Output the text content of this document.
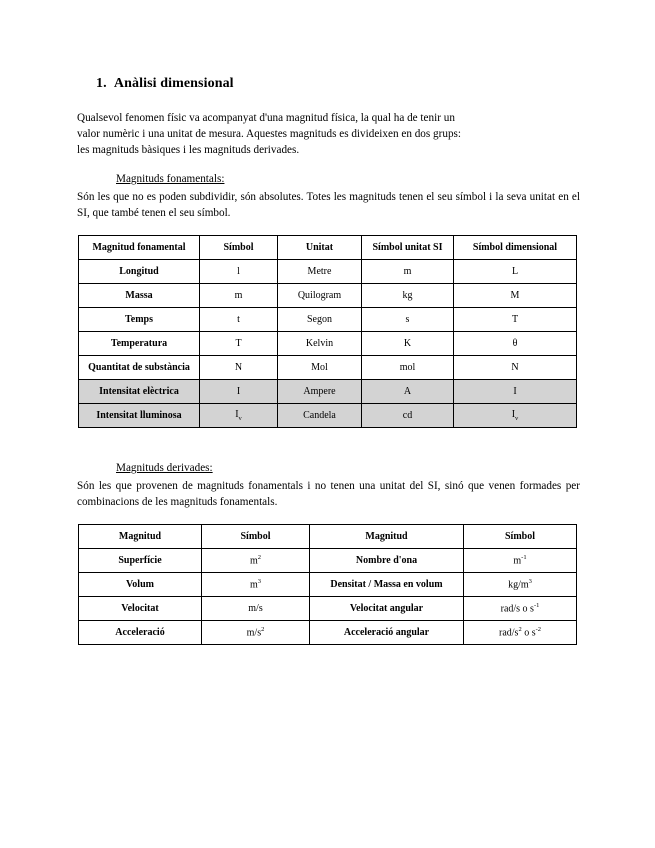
1. Anàlisi dimensional
Qualsevol fenomen físic va acompanyat d'una magnitud física, la qual ha de tenir un
valor numèric i una unitat de mesura. Aquestes magnituds es divideixen en dos grups:
les magnituds bàsiques i les magnituds derivades.
Magnituds fonamentals:
Són les que no es poden subdividir, són absolutes. Totes les magnituds tenen el seu símbol i la seva unitat en el SI, que també tenen el seu símbol.
Magnitud fonamental	Símbol	Unitat	Símbol unitat SI	Símbol dimensional
Longitud	l	Metre	m	L
Massa	m	Quilogram	kg	M
Temps	t	Segon	s	T
Temperatura	T	Kelvin	K	θ
Quantitat de substància	N	Mol	mol	N
Intensitat elèctrica	I	Ampere	A	I
Intensitat lluminosa	$I_v$	Candela	cd	$I_v$
Magnituds derivades:
Són les que provenen de magnituds fonamentals i no tenen una unitat del SI, sinó que venen formades per combinacions de les magnituds fonamentals.
Magnitud	Símbol	Magnitud	Símbol
Superfície	$m^2$	Nombre d'ona	$m^{-1}$
Volum	$m^3$	Densitat / Massa en volum	$kg/m^3$
Velocitat	m/s	Velocitat angular	rad/s o $s^{-1}$
Acceleració	$m/s^2$	Acceleració angular	rad/$s^2$ o $s^{-2}$
